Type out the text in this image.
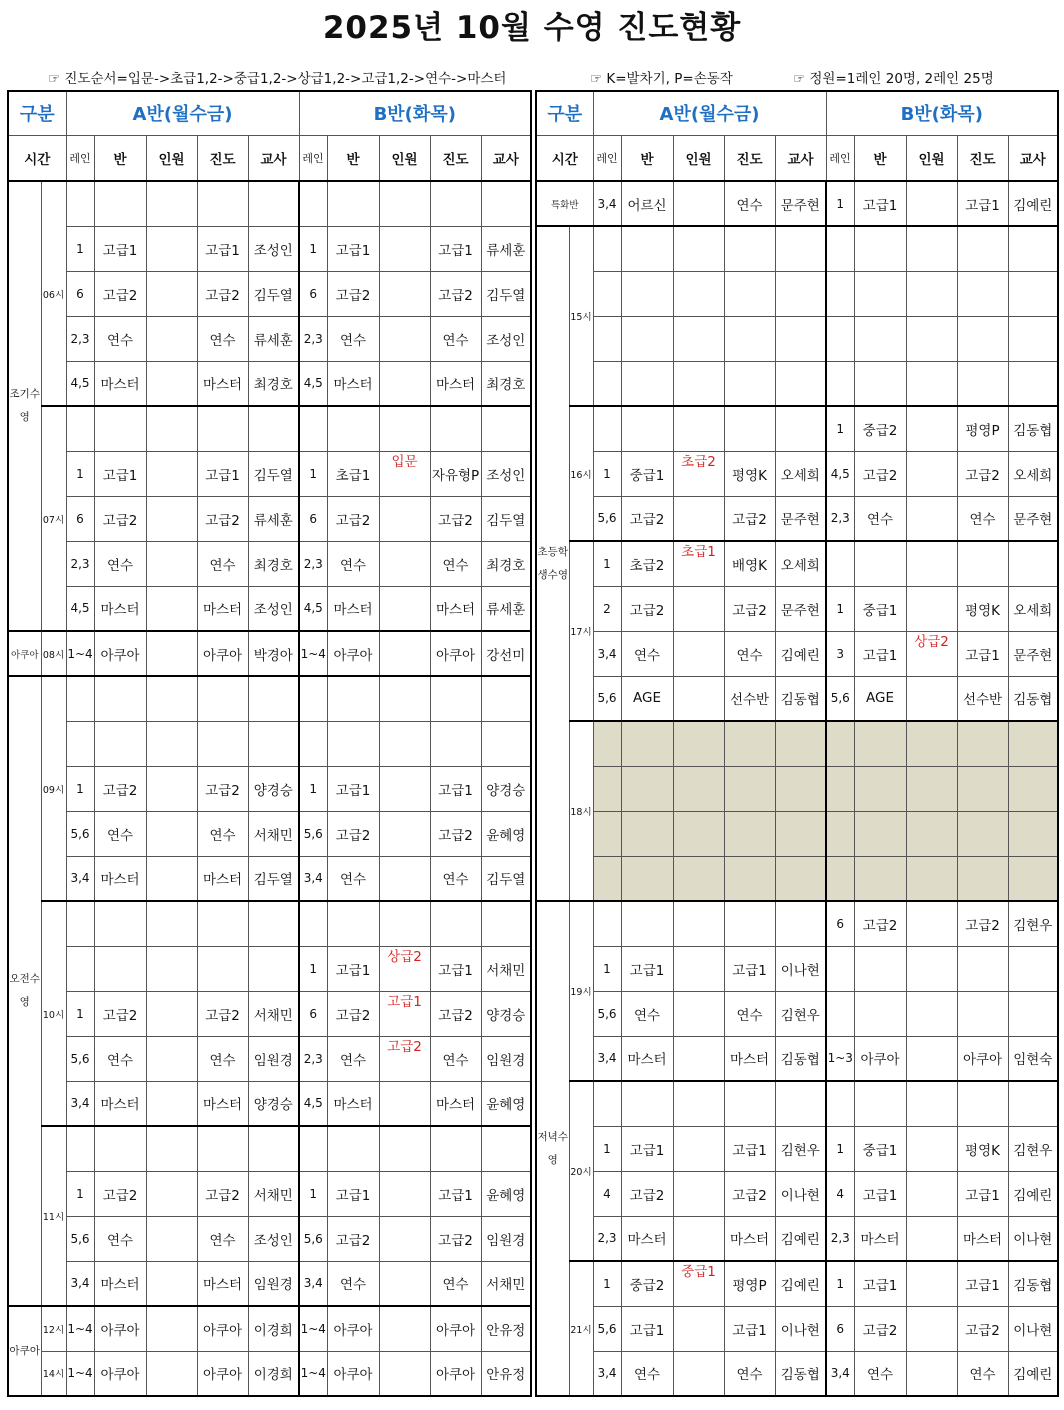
2025년 10월 수영 진도현황
☞ 진도순서=입문->초급1,2->중급1,2->상급1,2->고급1,2->연수->마스터	☞ K=발차기, P=손동작	☞ 정원=1레인 20명, 2레인 25명
구분		A반(월수금)					B반(화목)				
시간		레인	반	인원	진도	교사	레인	반	인원	진도	교사
조기수영	06시										
		1	고급1		고급1	조성인	1	고급1		고급1	류세훈
		6	고급2		고급2	김두열	6	고급2		고급2	김두열
		2,3	연수		연수	류세훈	2,3	연수		연수	조성인
		4,5	마스터		마스터	최경호	4,5	마스터		마스터	최경호
	07시										
		1	고급1		고급1	김두열	1	초급1	입문	자유형P	조성인
		6	고급2		고급2	류세훈	6	고급2		고급2	김두열
		2,3	연수		연수	최경호	2,3	연수		연수	최경호
		4,5	마스터		마스터	조성인	4,5	마스터		마스터	류세훈
아쿠아	08시	1~4	아쿠아		아쿠아	박경아	1~4	아쿠아		아쿠아	강선미
오전수영	09시										

		1	고급2		고급2	양경승	1	고급1		고급1	양경승
		5,6	연수		연수	서채민	5,6	고급2		고급2	윤혜영
		3,4	마스터		마스터	김두열	3,4	연수		연수	김두열
	10시										
							1	고급1	상급2	고급1	서채민
		1	고급2		고급2	서채민	6	고급2	고급1	고급2	양경승
		5,6	연수		연수	임원경	2,3	연수	고급2	연수	임원경
		3,4	마스터		마스터	양경승	4,5	마스터		마스터	윤혜영
	11시										
		1	고급2		고급2	서채민	1	고급1		고급1	윤혜영
		5,6	연수		연수	조성인	5,6	고급2		고급2	임원경
		3,4	마스터		마스터	임원경	3,4	연수		연수	서채민
아쿠아	12시	1~4	아쿠아		아쿠아	이경희	1~4	아쿠아		아쿠아	안유정
	14시	1~4	아쿠아		아쿠아	이경희	1~4	아쿠아		아쿠아	안유정
구분		A반(월수금)					B반(화목)				
시간		레인	반	인원	진도	교사	레인	반	인원	진도	교사
특화반		3,4	어르신		연수	문주현	1	고급1		고급1	김예린
초등학생수영	15시										

	16시						1	중급2		평영P	김동협
		1	중급1	초급2	평영K	오세희	4,5	고급2		고급2	오세희
		5,6	고급2		고급2	문주현	2,3	연수		연수	문주현
	17시	1	초급2	초급1	배영K	오세희					
		2	고급2		고급2	문주현	1	중급1		평영K	오세희
		3,4	연수		연수	김예린	3	고급1	상급2	고급1	문주현
		5,6	AGE		선수반	김동협	5,6	AGE		선수반	김동협
	18시										

저녁수영	19시						6	고급2		고급2	김현우
		1	고급1		고급1	이나현					
		5,6	연수		연수	김현우					
		3,4	마스터		마스터	김동협	1~3	아쿠아		아쿠아	임현숙
	20시										
		1	고급1		고급1	김현우	1	중급1		평영K	김현우
		4	고급2		고급2	이나현	4	고급1		고급1	김예린
		2,3	마스터		마스터	김예린	2,3	마스터		마스터	이나현
	21시	1	중급2	중급1	평영P	김예린	1	고급1		고급1	김동협
		5,6	고급1		고급1	이나현	6	고급2		고급2	이나현
		3,4	연수		연수	김동협	3,4	연수		연수	김예린
